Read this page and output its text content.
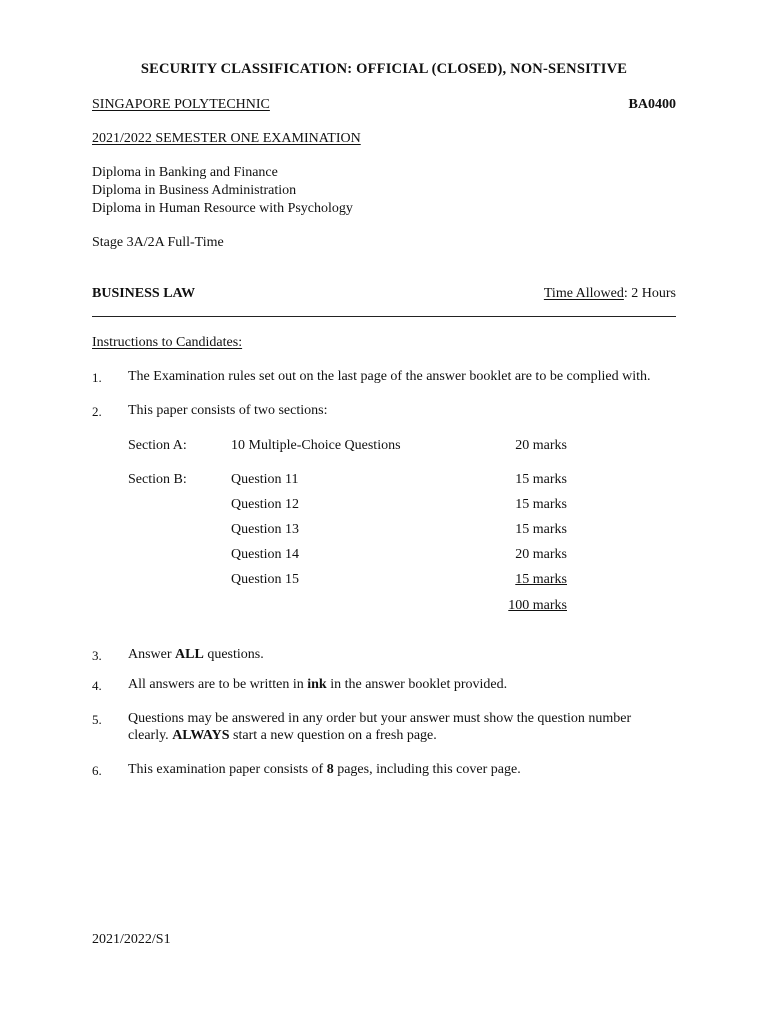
SECURITY CLASSIFICATION: OFFICIAL (CLOSED), NON-SENSITIVE
SINGAPORE POLYTECHNIC	BA0400
2021/2022 SEMESTER ONE EXAMINATION
Diploma in Banking and Finance
Diploma in Business Administration
Diploma in Human Resource with Psychology
Stage 3A/2A Full-Time
BUSINESS LAW	Time Allowed: 2 Hours
Instructions to Candidates:
1. The Examination rules set out on the last page of the answer booklet are to be complied with.
2. This paper consists of two sections:
Section A:	10 Multiple-Choice Questions	20 marks
Section B:	Question 11	15 marks
Question 12	15 marks
Question 13	15 marks
Question 14	20 marks
Question 15	15 marks
100 marks
3. Answer ALL questions.
4. All answers are to be written in ink in the answer booklet provided.
5. Questions may be answered in any order but your answer must show the question number
clearly. ALWAYS start a new question on a fresh page.
6. This examination paper consists of 8 pages, including this cover page.
2021/2022/S1
